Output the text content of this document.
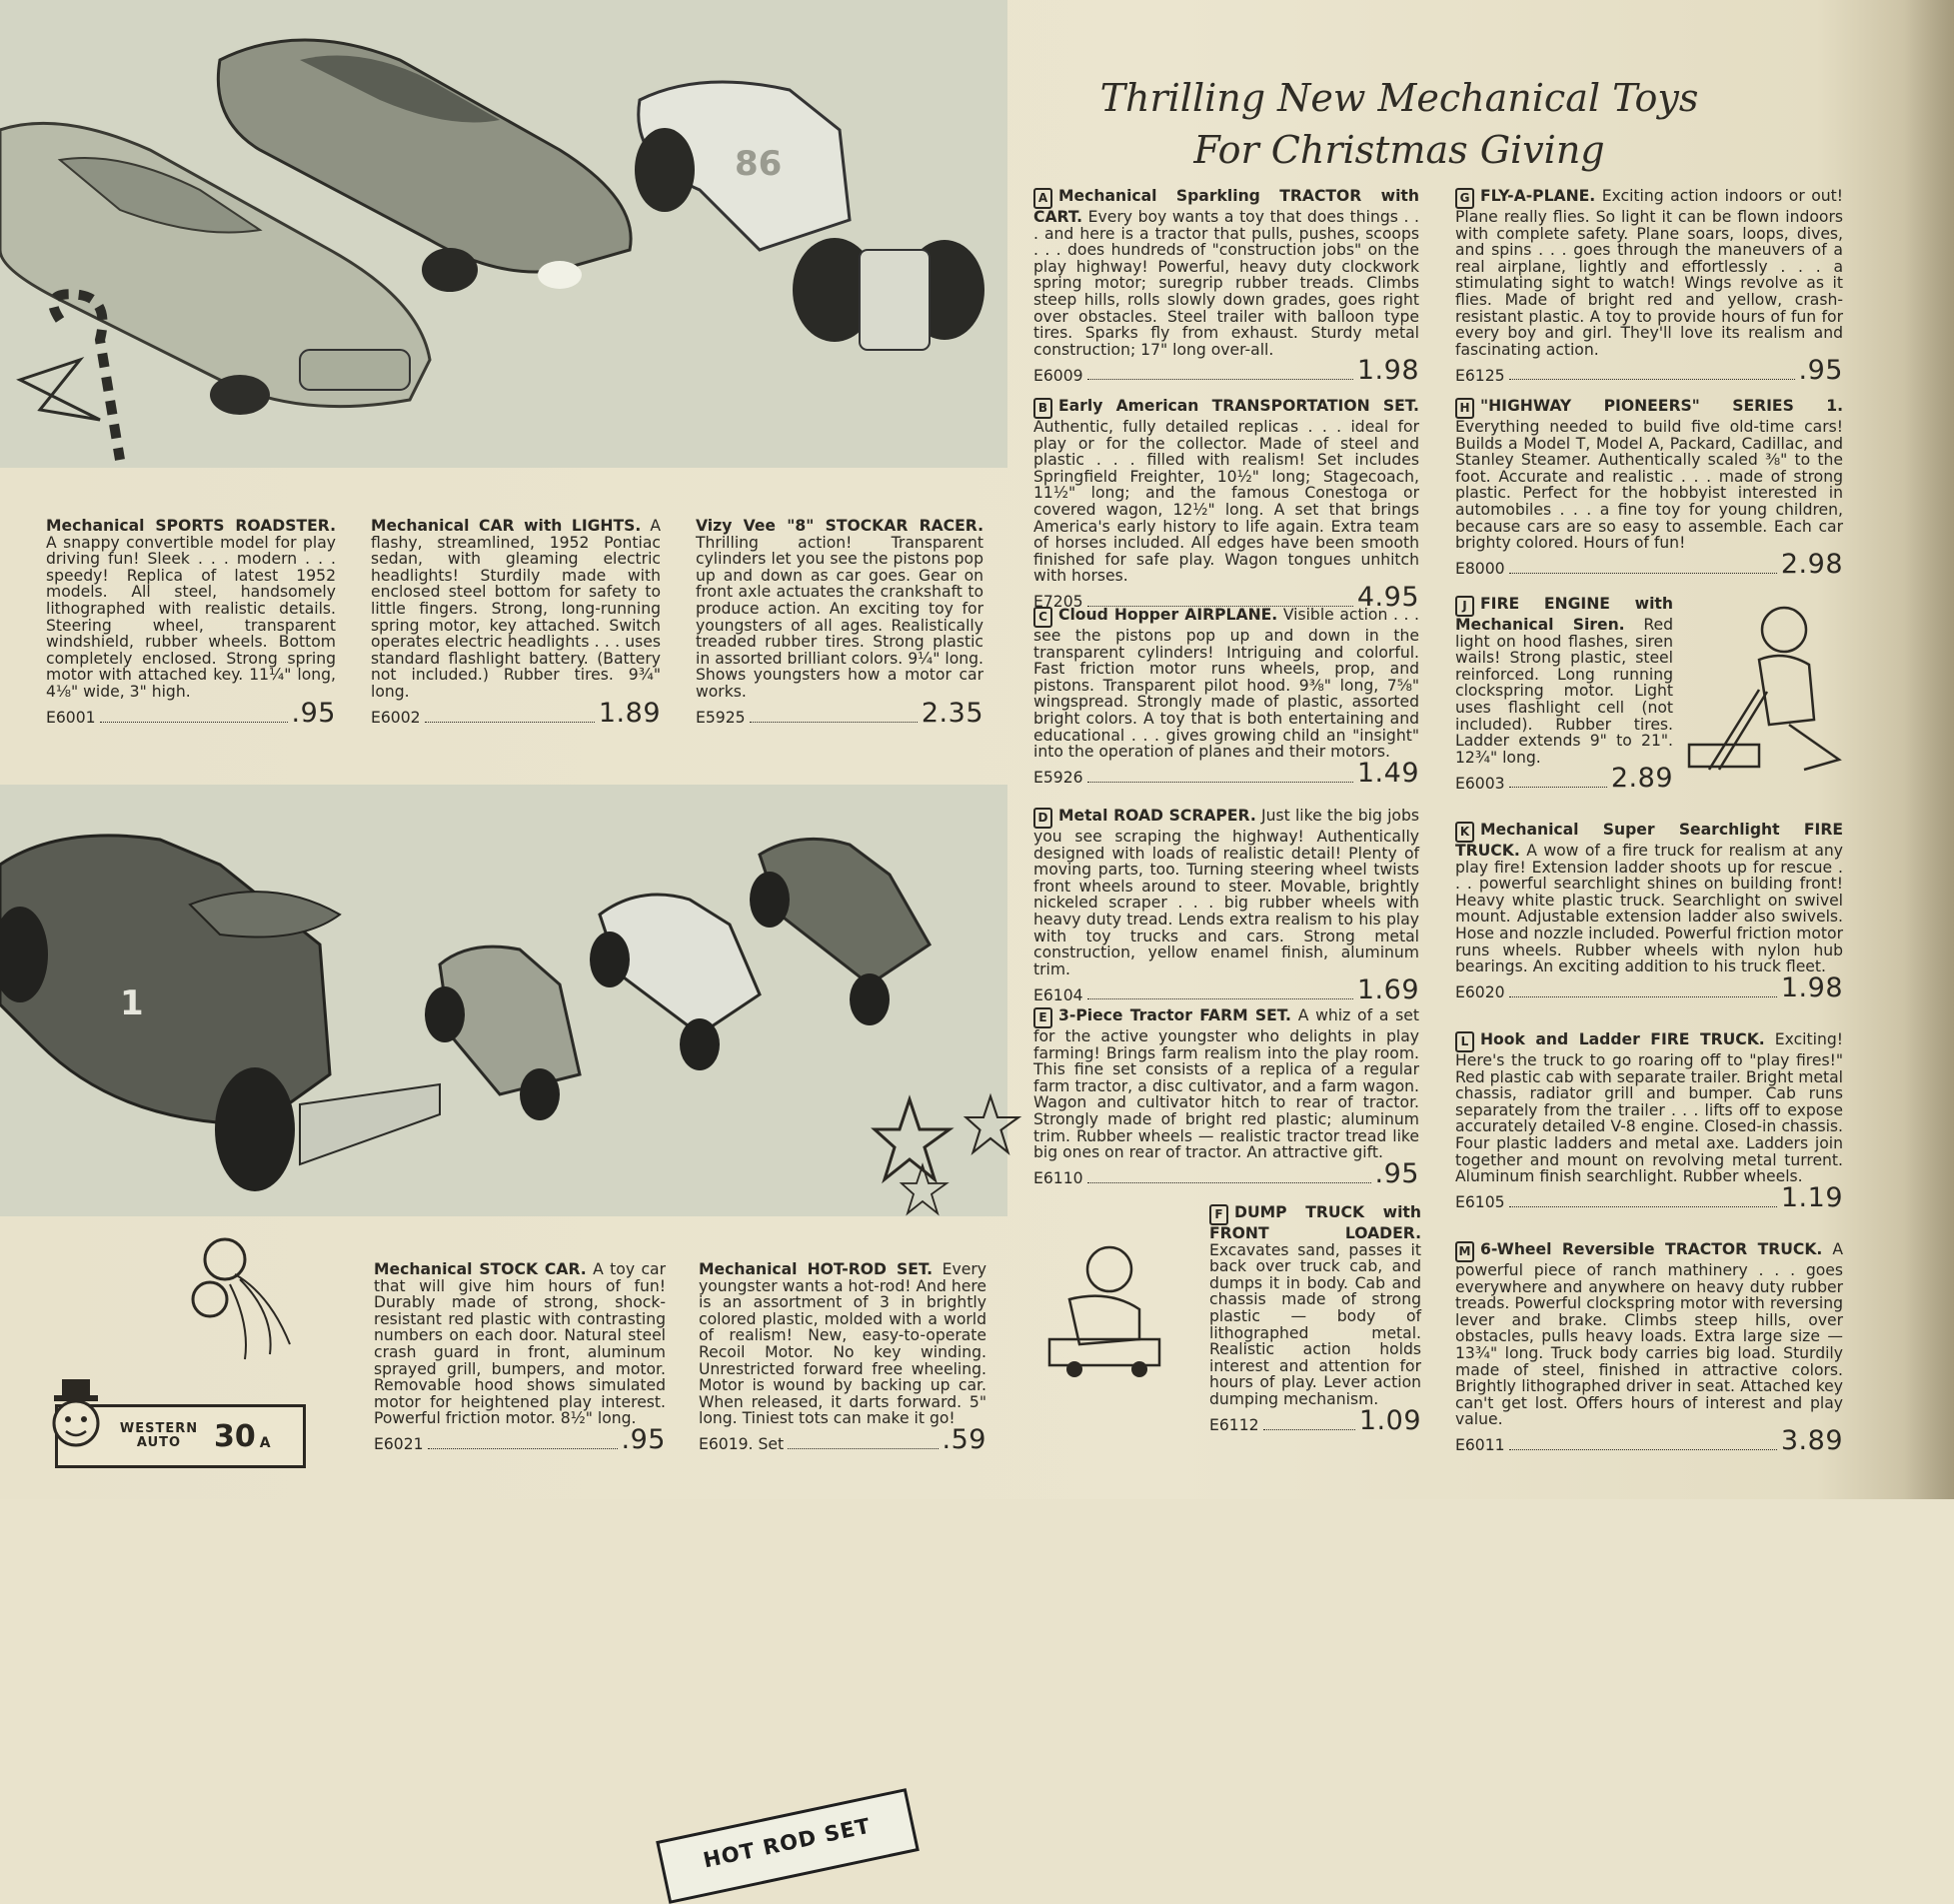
86
1
HOT ROD SET
Thrilling New Mechanical Toys
For Christmas Giving
Mechanical SPORTS ROADSTER. A snappy convertible model for play driving fun! Sleek . . . modern . . . speedy! Replica of latest 1952 models. All steel, handsomely lithographed with realistic details. Steering wheel, transparent windshield, rubber wheels. Bottom completely enclosed. Strong spring motor with attached key. 11¼" long, 4⅛" wide, 3" high.
E6001	.95
Mechanical CAR with LIGHTS. A flashy, streamlined, 1952 Pontiac sedan, with gleaming electric headlights! Sturdily made with enclosed steel bottom for safety to little fingers. Strong, long-running spring motor, key attached. Switch operates electric headlights . . . uses standard flashlight battery. (Battery not included.) Rubber tires. 9¾" long.
E6002	1.89
Vizy Vee "8" STOCKAR RACER. Thrilling action! Transparent cylinders let you see the pistons pop up and down as car goes. Gear on front axle actuates the crankshaft to produce action. An exciting toy for youngsters of all ages. Realistically treaded rubber tires. Strong plastic in assorted brilliant colors. 9¼" long. Shows youngsters how a motor car works.
E5925	2.35
Mechanical STOCK CAR. A toy car that will give him hours of fun! Durably made of strong, shock-resistant red plastic with contrasting numbers on each door. Natural steel crash guard in front, aluminum sprayed grill, bumpers, and motor. Removable hood shows simulated motor for heightened play interest. Powerful friction motor. 8½" long.
E6021	.95
Mechanical HOT-ROD SET. Every youngster wants a hot-rod! And here is an assortment of 3 in brightly colored plastic, molded with a world of realism! New, easy-to-operate Recoil Motor. No key winding. Unrestricted forward free wheeling. Motor is wound by backing up car. When released, it darts forward. 5" long. Tiniest tots can make it go!
E6019. Set	.59
A Mechanical Sparkling TRACTOR with CART. Every boy wants a toy that does things . . . and here is a tractor that pulls, pushes, scoops . . . does hundreds of "construction jobs" on the play highway! Powerful, heavy duty clockwork spring motor; suregrip rubber treads. Climbs steep hills, rolls slowly down grades, goes right over obstacles. Steel trailer with balloon type tires. Sparks fly from exhaust. Sturdy metal construction; 17" long over-all.
E6009	1.98
B Early American TRANSPORTATION SET. Authentic, fully detailed replicas . . . ideal for play or for the collector. Made of steel and plastic . . . filled with realism! Set includes Springfield Freighter, 10½" long; Stagecoach, 11½" long; and the famous Conestoga or covered wagon, 12½" long. A set that brings America's early history to life again. Extra team of horses included. All edges have been smooth finished for safe play. Wagon tongues unhitch with horses.
E7205	4.95
C Cloud Hopper AIRPLANE. Visible action . . . see the pistons pop up and down in the transparent cylinders! Intriguing and colorful. Fast friction motor runs wheels, prop, and pistons. Transparent pilot hood. 9⅜" long, 7⅝" wingspread. Strongly made of plastic, assorted bright colors. A toy that is both entertaining and educational . . . gives growing child an "insight" into the operation of planes and their motors.
E5926	1.49
D Metal ROAD SCRAPER. Just like the big jobs you see scraping the highway! Authentically designed with loads of realistic detail! Plenty of moving parts, too. Turning steering wheel twists front wheels around to steer. Movable, brightly nickeled scraper . . . big rubber wheels with heavy duty tread. Lends extra realism to his play with toy trucks and cars. Strong metal construction, yellow enamel finish, aluminum trim.
E6104	1.69
E 3-Piece Tractor FARM SET. A whiz of a set for the active youngster who delights in play farming! Brings farm realism into the play room. This fine set consists of a replica of a regular farm tractor, a disc cultivator, and a farm wagon. Wagon and cultivator hitch to rear of tractor. Strongly made of bright red plastic; aluminum trim. Rubber wheels — realistic tractor tread like big ones on rear of tractor. An attractive gift.
E6110	.95
F DUMP TRUCK with FRONT LOADER. Excavates sand, passes it back over truck cab, and dumps it in body. Cab and chassis made of strong plastic — body of lithographed metal. Realistic action holds interest and attention for hours of play. Lever action dumping mechanism.
E6112	1.09
G FLY-A-PLANE. Exciting action indoors or out! Plane really flies. So light it can be flown indoors with complete safety. Plane soars, loops, dives, and spins . . . goes through the maneuvers of a real airplane, lightly and effortlessly . . . a stimulating sight to watch! Wings revolve as it flies. Made of bright red and yellow, crash-resistant plastic. A toy to provide hours of fun for every boy and girl. They'll love its realism and fascinating action.
E6125	.95
H "HIGHWAY PIONEERS" SERIES 1. Everything needed to build five old-time cars! Builds a Model T, Model A, Packard, Cadillac, and Stanley Steamer. Authentically scaled ⅜" to the foot. Accurate and realistic . . . made of strong plastic. Perfect for the hobbyist interested in automobiles . . . a fine toy for young children, because cars are so easy to assemble. Each car brighty colored. Hours of fun!
E8000	2.98
J FIRE ENGINE with Mechanical Siren. Red light on hood flashes, siren wails! Strong plastic, steel reinforced. Long running clockspring motor. Light uses flashlight cell (not included). Rubber tires. Ladder extends 9" to 21". 12¾" long.
E6003	2.89
K Mechanical Super Searchlight FIRE TRUCK. A wow of a fire truck for realism at any play fire! Extension ladder shoots up for rescue . . . powerful searchlight shines on building front! Heavy white plastic truck. Searchlight on swivel mount. Adjustable extension ladder also swivels. Hose and nozzle included. Powerful friction motor runs wheels. Rubber wheels with nylon hub bearings. An exciting addition to his truck fleet.
E6020	1.98
L Hook and Ladder FIRE TRUCK. Exciting! Here's the truck to go roaring off to "play fires!" Red plastic cab with separate trailer. Bright metal chassis, radiator grill and bumper. Cab runs separately from the trailer . . . lifts off to expose accurately detailed V-8 engine. Closed-in chassis. Four plastic ladders and metal axe. Ladders join together and mount on revolving metal turrent. Aluminum finish searchlight. Rubber wheels.
E6105	1.19
M 6-Wheel Reversible TRACTOR TRUCK. A powerful piece of ranch mathinery . . . goes everywhere and anywhere on heavy duty rubber treads. Powerful clockspring motor with reversing lever and brake. Climbs steep hills, over obstacles, pulls heavy loads. Extra large size — 13¾" long. Truck body carries big load. Sturdily made of steel, finished in attractive colors. Brightly lithographed driver in seat. Attached key can't get lost. Offers hours of interest and play value.
E6011	3.89
WESTERN AUTO	30 A
